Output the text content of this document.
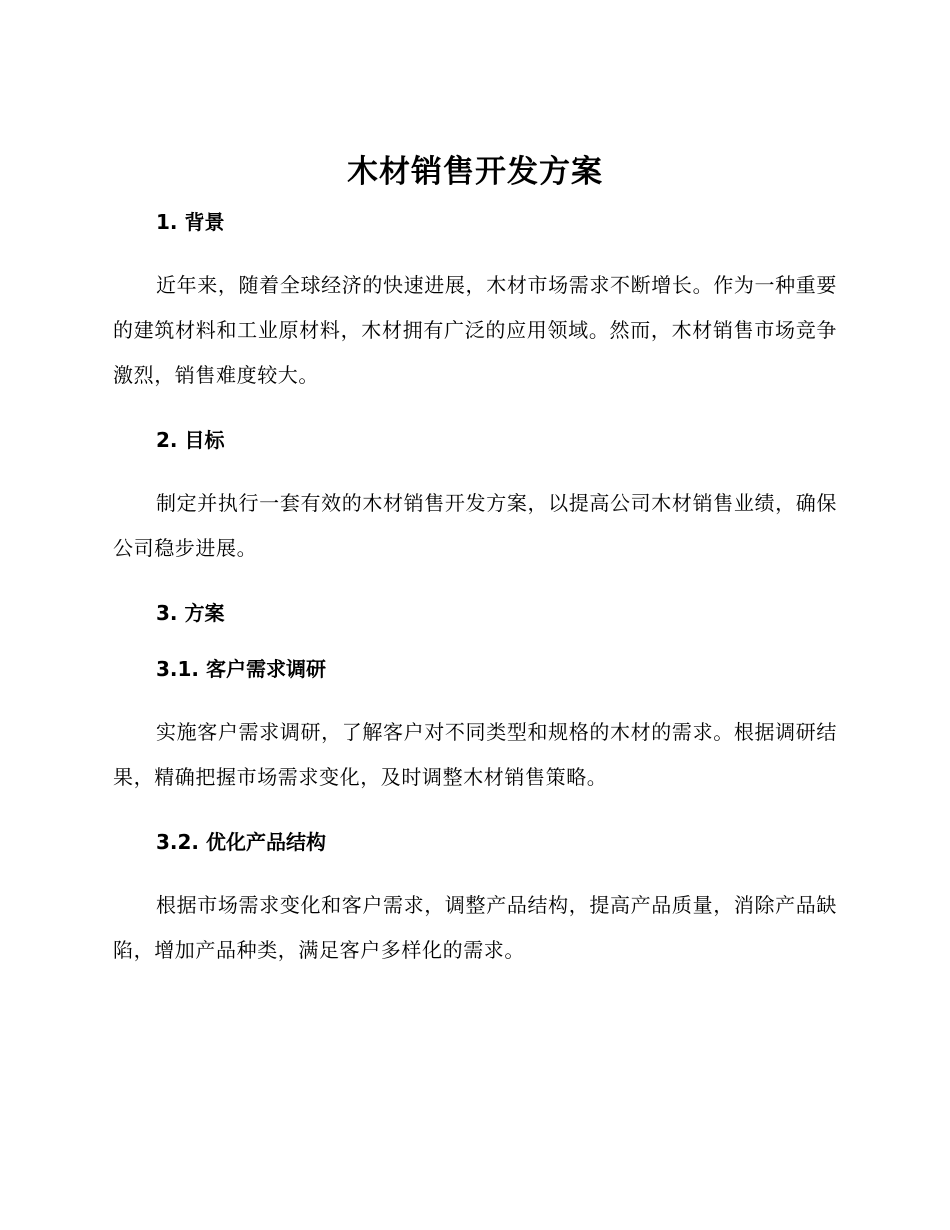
木材销售开发方案
1. 背景

近年来，随着全球经济的快速进展，木材市场需求不断增长。作为一种重要的建筑材料和工业原材料，木材拥有广泛的应用领域。然而，木材销售市场竞争激烈，销售难度较大。

2. 目标

制定并执行一套有效的木材销售开发方案，以提高公司木材销售业绩，确保公司稳步进展。

3. 方案
3.1. 客户需求调研

实施客户需求调研，了解客户对不同类型和规格的木材的需求。根据调研结果，精确把握市场需求变化，及时调整木材销售策略。

3.2. 优化产品结构

根据市场需求变化和客户需求，调整产品结构，提高产品质量，消除产品缺陷，增加产品种类，满足客户多样化的需求。
